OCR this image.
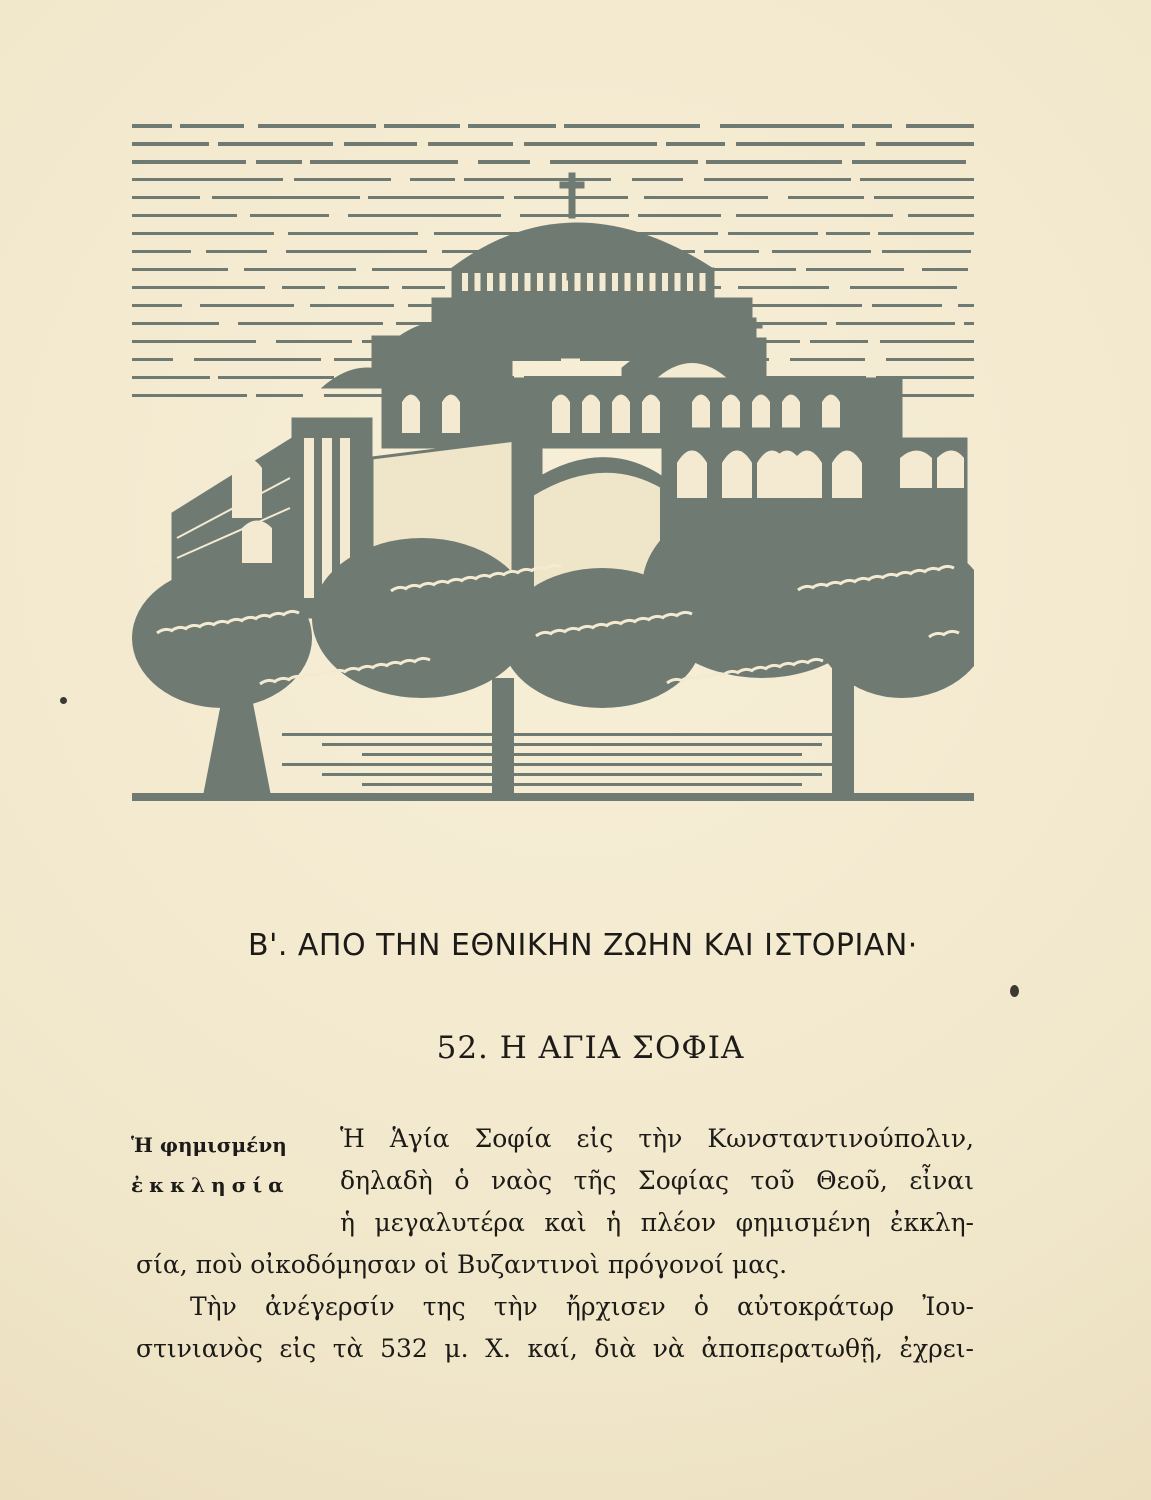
Β'. ΑΠΟ ΤΗΝ ΕΘΝΙΚΗΝ ΖΩΗΝ ΚΑΙ ΙΣΤΟΡΙΑΝ·
52. Η ΑΓΙΑ ΣΟΦΙΑ
Ἡ φημισμένη
ἐκκλησία
Ἡ Ἁγία Σοφία εἰς τὴν Κωνσταντινούπολιν,
δηλαδὴ ὁ ναὸς τῆς Σοφίας τοῦ Θεοῦ, εἶναι
ἡ μεγαλυτέρα καὶ ἡ πλέον φημισμένη ἐκκλη-
σία, ποὺ οἰκοδόμησαν οἱ Βυζαντινοὶ πρόγονοί μας.
Τὴν ἀνέγερσίν της τὴν ἤρχισεν ὁ αὐτοκράτωρ Ἰου-
στινιανὸς εἰς τὰ 532 μ. Χ. καί, διὰ νὰ ἀποπερατωθῇ, ἐχρει-
